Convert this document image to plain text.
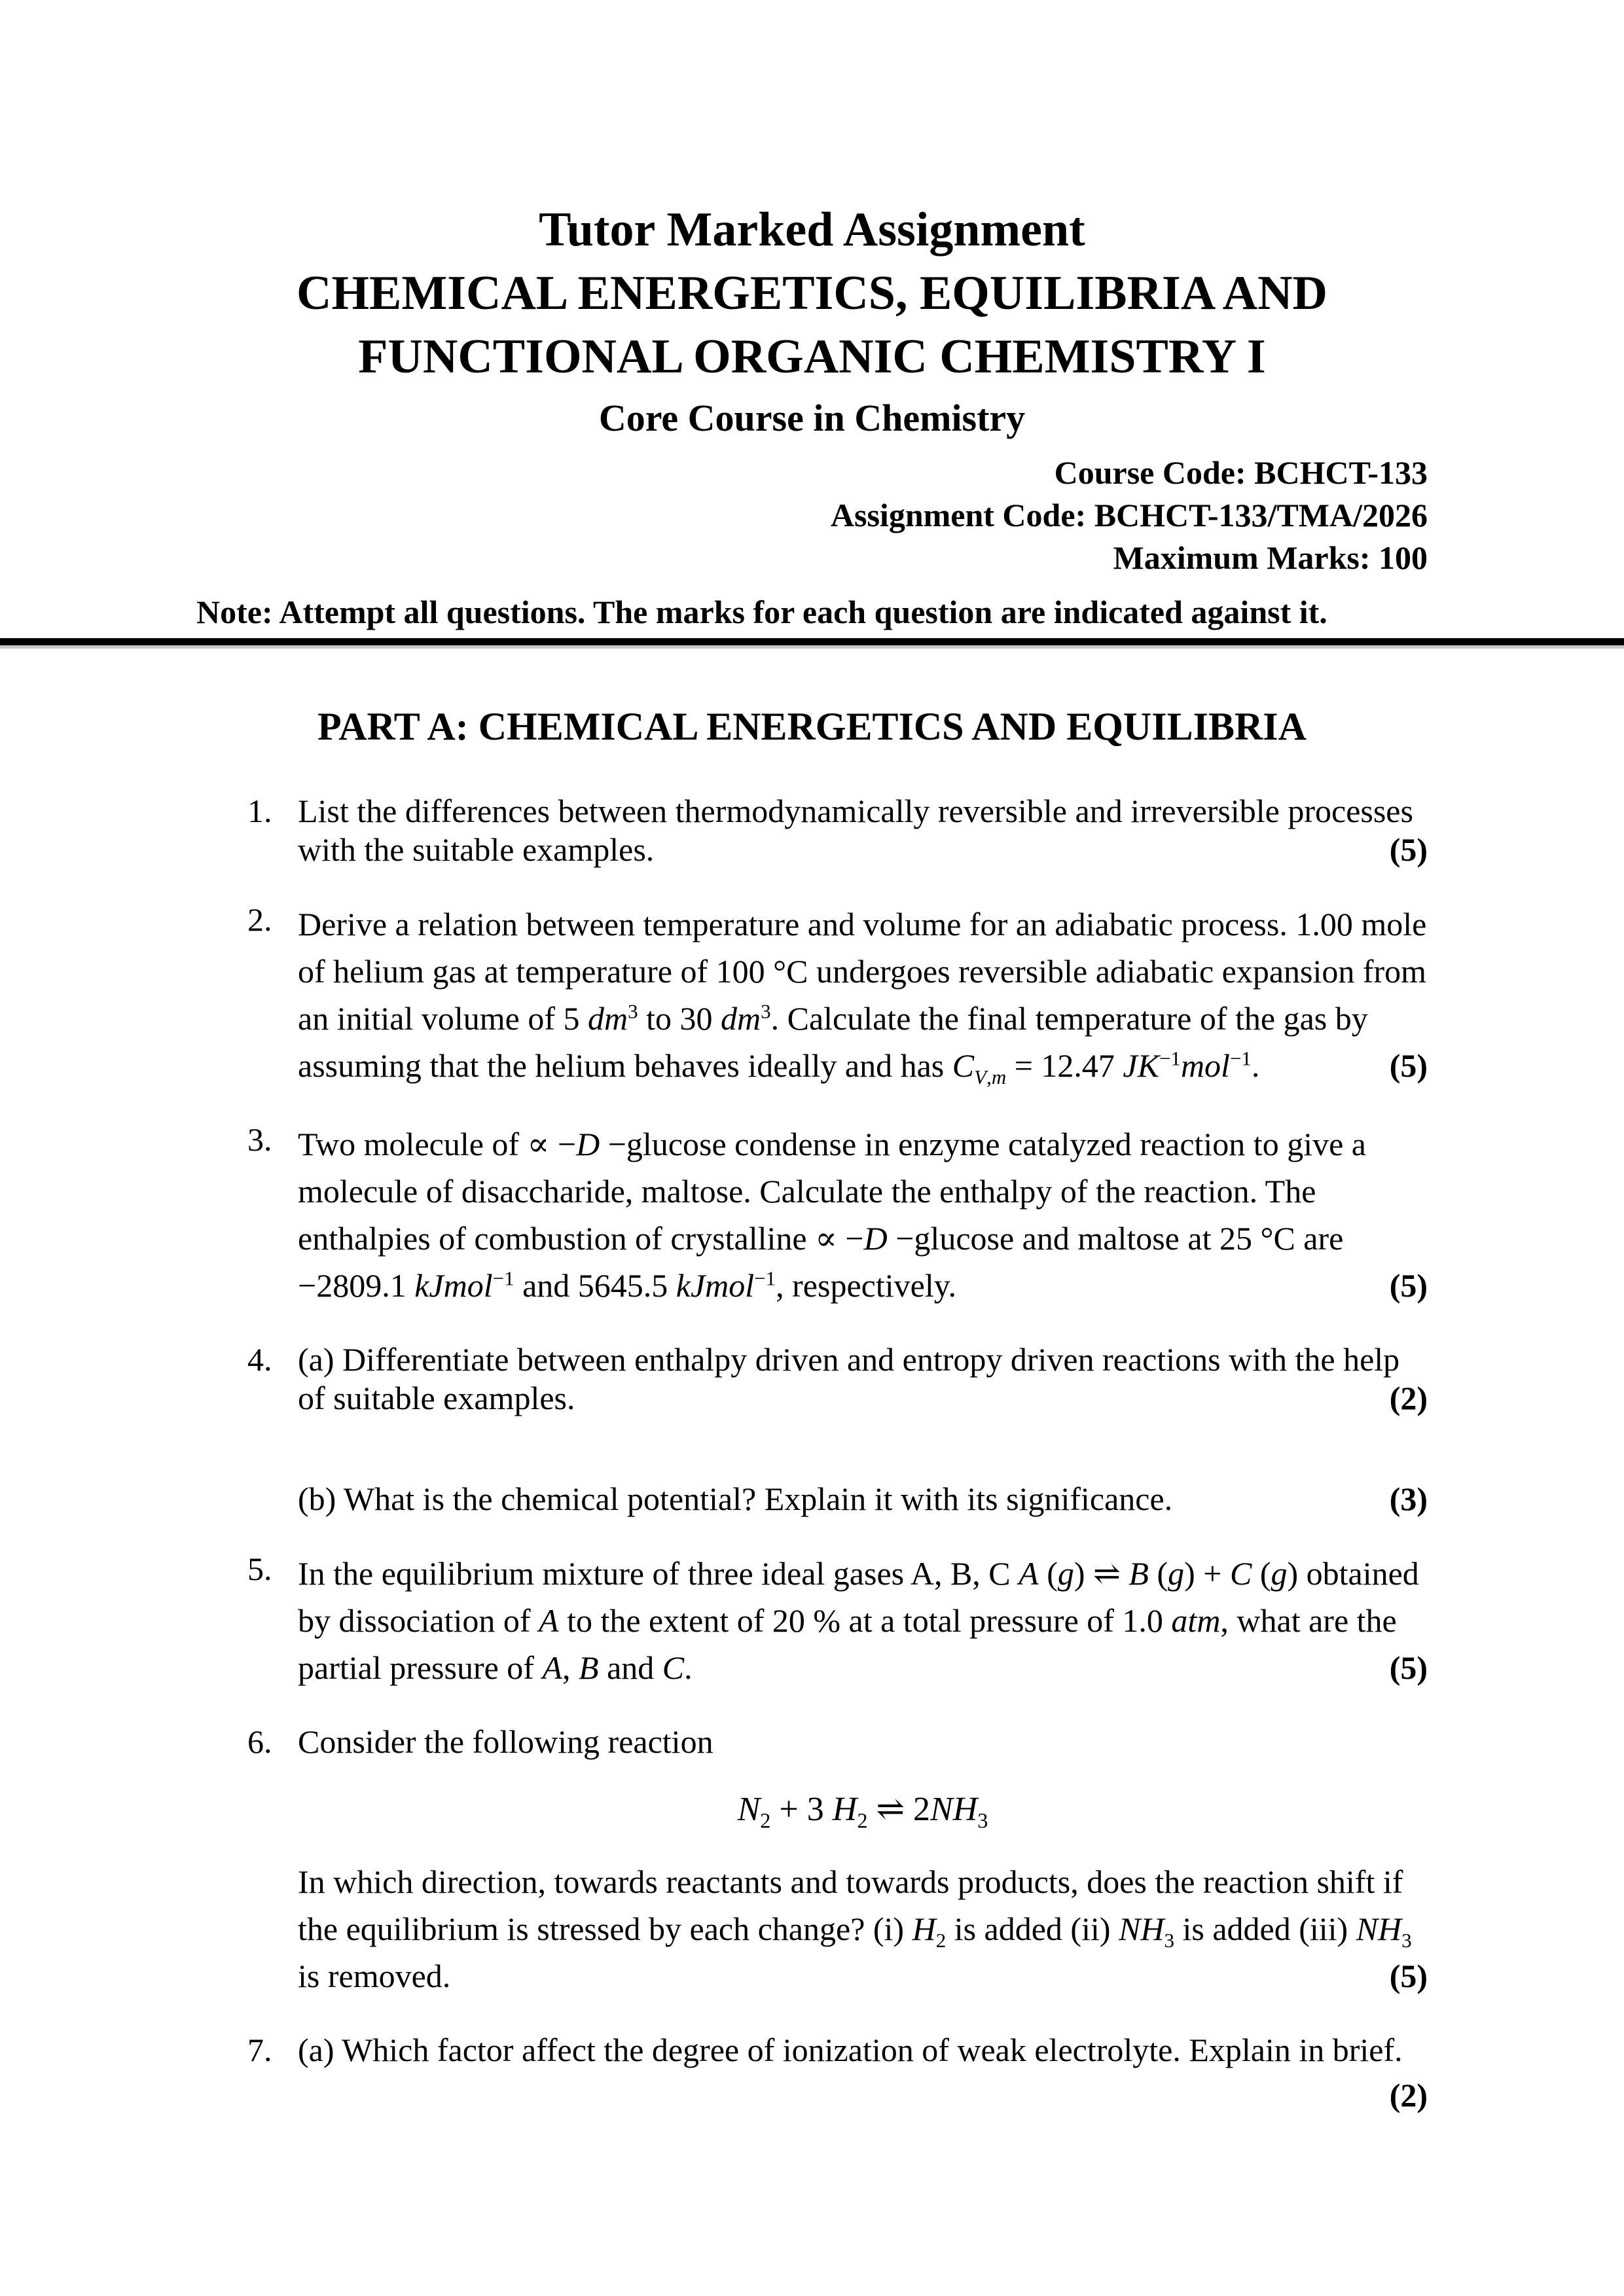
Tutor Marked Assignment
CHEMICAL ENERGETICS, EQUILIBRIA AND
FUNCTIONAL ORGANIC CHEMISTRY I
Core Course in Chemistry
Course Code: BCHCT-133
Assignment Code: BCHCT-133/TMA/2026
Maximum Marks: 100
Note: Attempt all questions. The marks for each question are indicated against it.
PART A: CHEMICAL ENERGETICS AND EQUILIBRIA
1. List the differences between thermodynamically reversible and irreversible processes with the suitable examples.	(5)
2. Derive a relation between temperature and volume for an adiabatic process. 1.00 mole of helium gas at temperature of 100 °C undergoes reversible adiabatic expansion from an initial volume of 5 $dm^3$ to 30 $dm^3$. Calculate the final temperature of the gas by assuming that the helium behaves ideally and has $C_{V,m} = 12.47$ $JK^{-1}mol^{-1}$.	(5)
3. Two molecule of ∝ −D −glucose condense in enzyme catalyzed reaction to give a molecule of disaccharide, maltose. Calculate the enthalpy of the reaction. The enthalpies of combustion of crystalline ∝ −D −glucose and maltose at 25 °C are −2809.1 kJmol$^{-1}$ and 5645.5 kJmol$^{-1}$, respectively.	(5)
4. (a) Differentiate between enthalpy driven and entropy driven reactions with the help of suitable examples.	(2)
(b) What is the chemical potential? Explain it with its significance.	(3)
5. In the equilibrium mixture of three ideal gases A, B, C A (g) ⇌ B (g) + C (g) obtained by dissociation of A to the extent of 20 % at a total pressure of 1.0 atm, what are the partial pressure of A, B and C.	(5)
6. Consider the following reaction
$N_2 + 3$ $H_2$ ⇌ $2NH_3$
In which direction, towards reactants and towards products, does the reaction shift if the equilibrium is stressed by each change? (i) $H_2$ is added (ii) $NH_3$ is added (iii) $NH_3$ is removed.	(5)
7. (a) Which factor affect the degree of ionization of weak electrolyte. Explain in brief.
(2)
